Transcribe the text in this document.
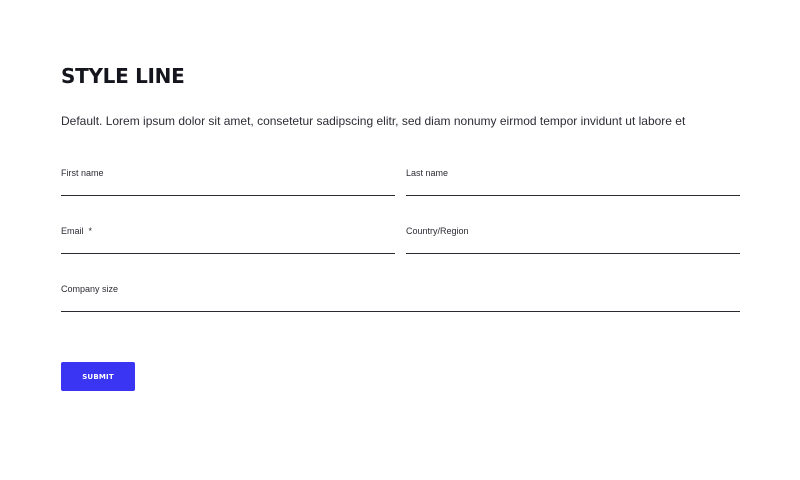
STYLE LINE

Default. Lorem ipsum dolor sit amet, consetetur sadipscing elitr, sed diam nonumy eirmod tempor invidunt ut labore et

First name	Last name
Email *	Country/Region
Company size
SUBMIT
